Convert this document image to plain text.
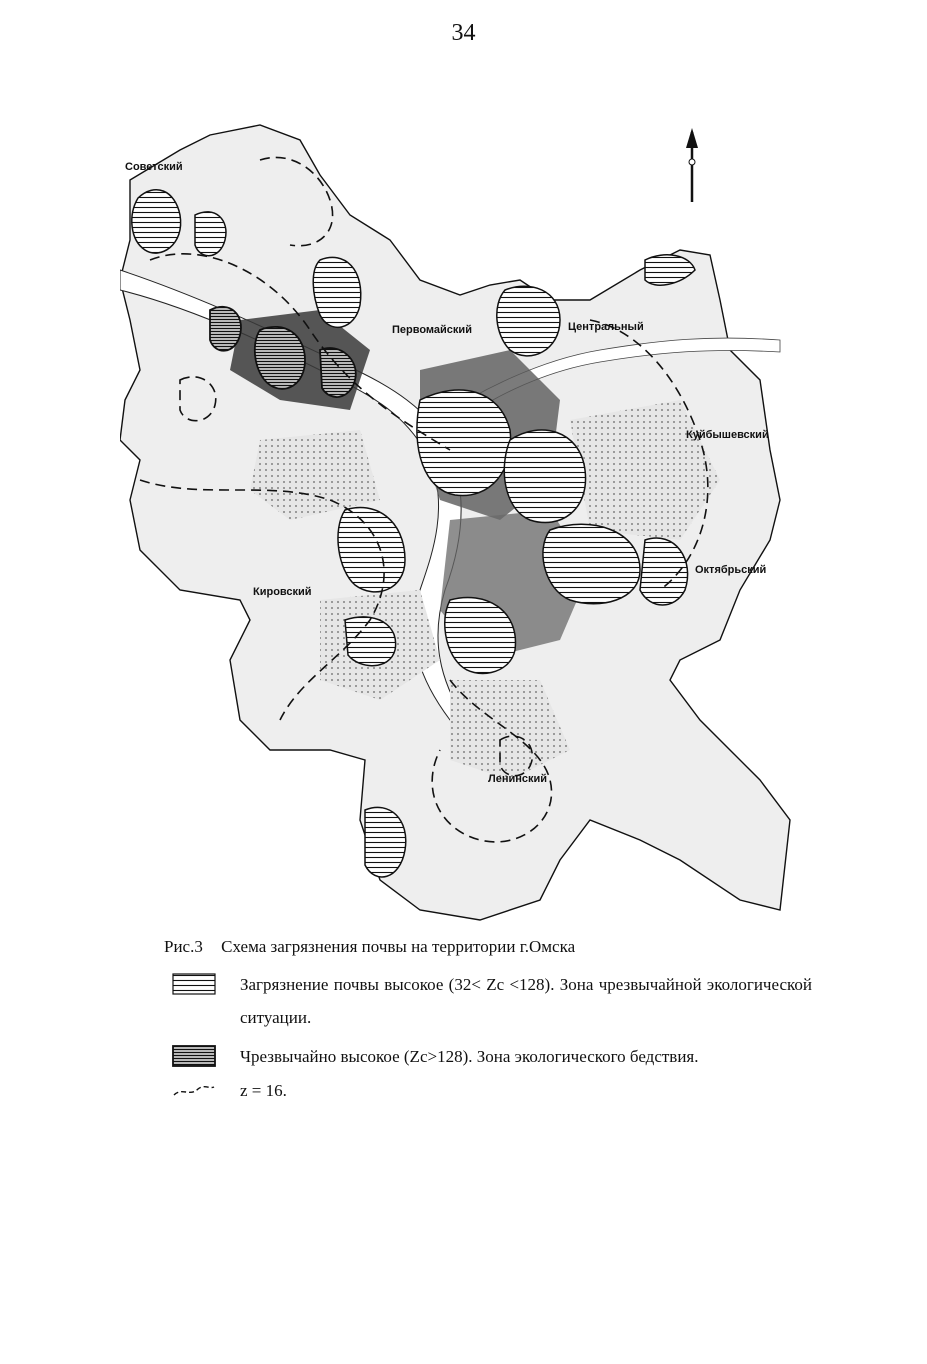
34
Советский
Первомайский	Центральный
Куйбышевский
Октябрьский
Кировский
Ленинский
Рис.3 Схема загрязнения почвы на территории г.Омска
Загрязнение почвы высокое (32< Zc <128). Зона чрезвычайной экологической ситуации.
Чрезвычайно высокое (Zc>128). Зона экологического бедствия.
z = 16.
